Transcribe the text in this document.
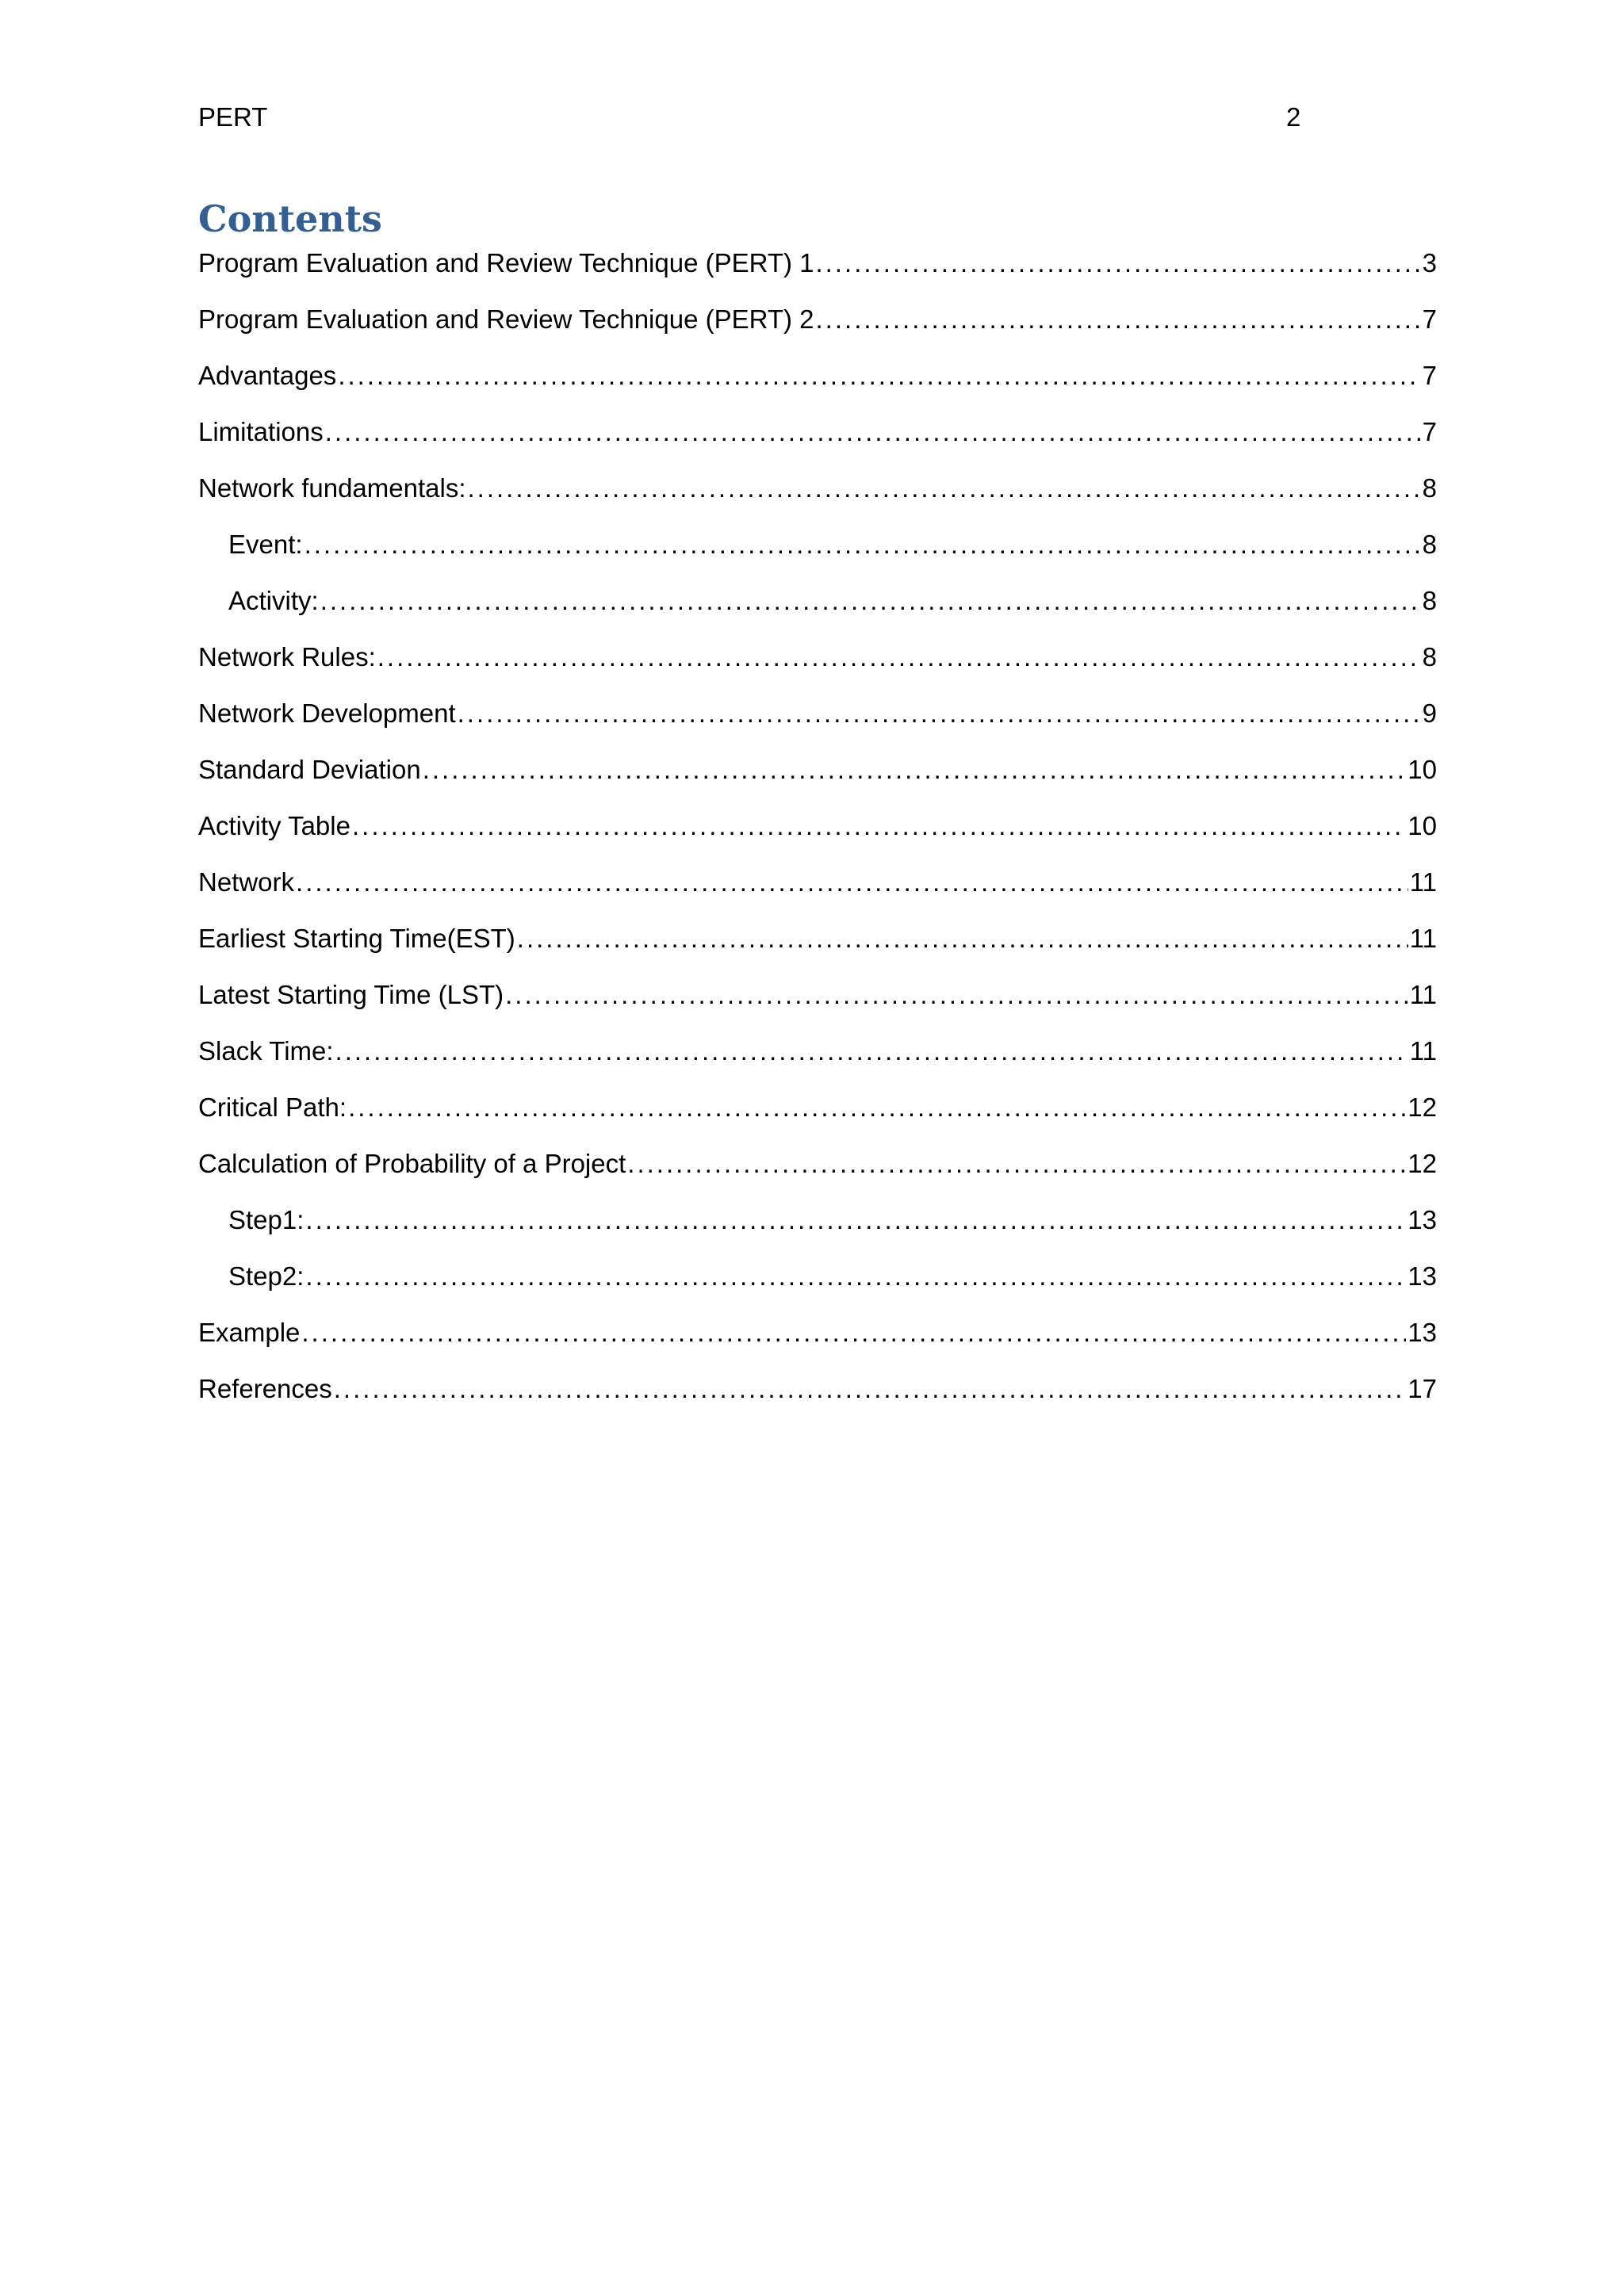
PERT	2
Contents
Program Evaluation and Review Technique (PERT) 1 .....	3
Program Evaluation and Review Technique (PERT) 2 .....	7
Advantages .....	7
Limitations .....	7
Network fundamentals: .....	8
Event: .....	8
Activity: .....	8
Network Rules: .....	8
Network Development .....	9
Standard Deviation .....	10
Activity Table .....	10
Network .....	11
Earliest Starting Time(EST) .....	11
Latest Starting Time (LST) .....	11
Slack Time: .....	11
Critical Path: .....	12
Calculation of Probability of a Project .....	12
Step1: .....	13
Step2: .....	13
Example .....	13
References .....	17
